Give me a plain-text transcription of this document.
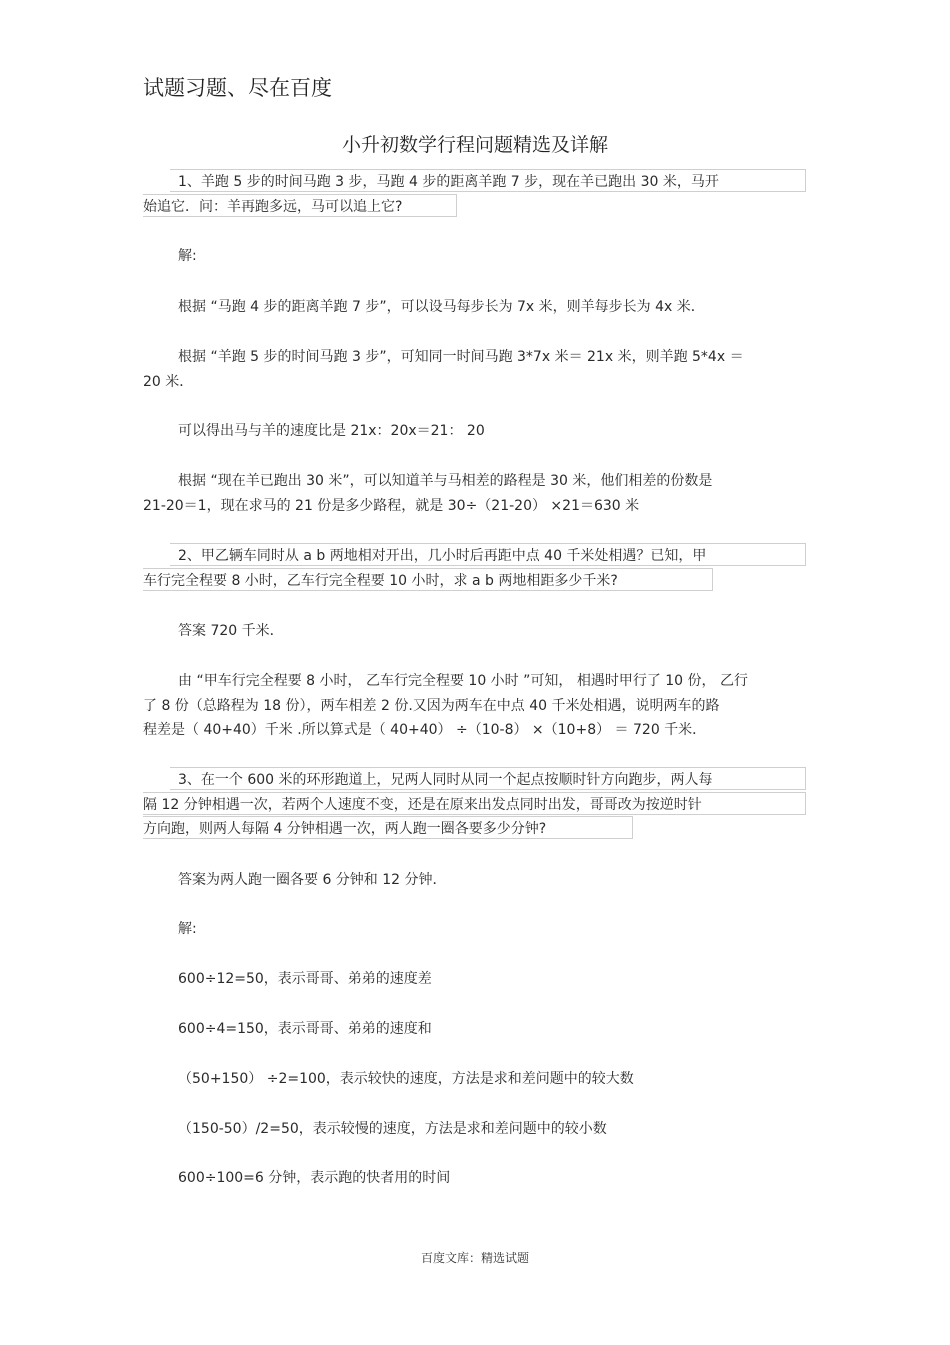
试题习题、尽在百度
小升初数学行程问题精选及详解
1、羊跑 5 步的时间马跑 3 步，马跑 4 步的距离羊跑 7 步，现在羊已跑出 30 米，马开
始追它．问：羊再跑多远，马可以追上它?
解:
根据 “马跑 4 步的距离羊跑 7 步”，可以设马每步长为 7x 米，则羊每步长为 4x 米．
根据 “羊跑 5 步的时间马跑 3 步”，可知同一时间马跑 3*7x 米＝ 21x 米，则羊跑 5*4x ＝
20 米．
可以得出马与羊的速度比是 21x：20x＝21： 20
根据 “现在羊已跑出 30 米”，可以知道羊与马相差的路程是 30 米，他们相差的份数是
21-20＝1，现在求马的 21 份是多少路程，就是 30÷（21-20） ×21＝630 米
2、甲乙辆车同时从 a b 两地相对开出，几小时后再距中点 40 千米处相遇？已知，甲
车行完全程要 8 小时，乙车行完全程要 10 小时，求 a b 两地相距多少千米?
答案 720 千米．
由 “甲车行完全程要 8 小时， 乙车行完全程要 10 小时 ”可知， 相遇时甲行了 10 份， 乙行
了 8 份（总路程为 18 份），两车相差 2 份.又因为两车在中点 40 千米处相遇，说明两车的路
程差是（ 40+40）千米 .所以算式是（ 40+40） ÷（10-8） ×（10+8） ＝ 720 千米．
3、在一个 600 米的环形跑道上，兄两人同时从同一个起点按顺时针方向跑步，两人每
隔 12 分钟相遇一次，若两个人速度不变，还是在原来出发点同时出发，哥哥改为按逆时针
方向跑，则两人每隔 4 分钟相遇一次，两人跑一圈各要多少分钟?
答案为两人跑一圈各要 6 分钟和 12 分钟．
解:
600÷12=50，表示哥哥、弟弟的速度差
600÷4=150，表示哥哥、弟弟的速度和
（50+150） ÷2=100，表示较快的速度，方法是求和差问题中的较大数
（150-50）/2=50，表示较慢的速度，方法是求和差问题中的较小数
600÷100=6 分钟，表示跑的快者用的时间
百度文库：精选试题
